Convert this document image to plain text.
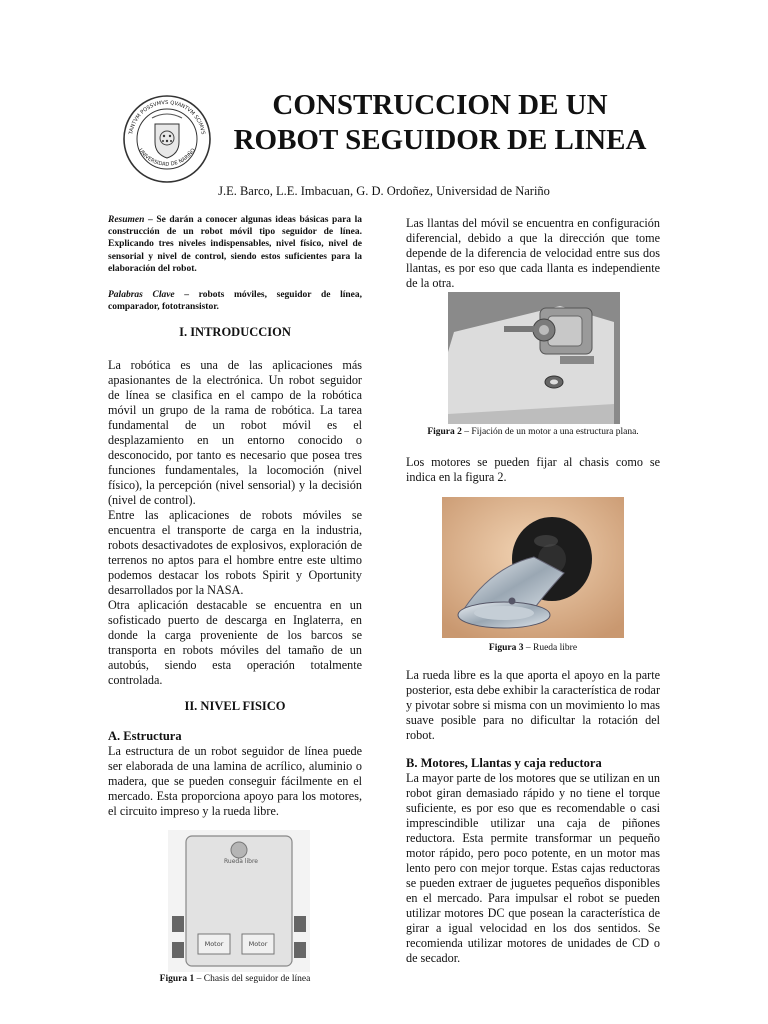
TANTVM POSSVMVS QVANTVM SCIMVS
UNIVERSIDAD DE NARIÑO
CONSTRUCCION DE UN
ROBOT SEGUIDOR DE LINEA
J.E. Barco, L.E. Imbacuan, G. D. Ordoñez, Universidad de Nariño
Resumen – Se darán a conocer algunas ideas básicas para la construcción de un robot móvil tipo seguidor de línea. Explicando tres niveles indispensables, nivel físico, nivel de sensorial y nivel de control, siendo estos suficientes para la elaboración del robot.
Palabras Clave – robots móviles, seguidor de línea, comparador, fototransistor.
I. INTRODUCCION

La robótica es una de las aplicaciones más apasionantes de la electrónica. Un robot seguidor de línea se clasifica en el campo de la robótica móvil un grupo de la rama de robótica. La tarea fundamental de un robot móvil es el desplazamiento en un entorno conocido o desconocido, por tanto es necesario que posea tres funciones fundamentales, la locomoción (nivel físico), la percepción (nivel sensorial) y la decisión (nivel de control).

Entre las aplicaciones de robots móviles se encuentra el transporte de carga en la industria, robots desactivadotes de explosivos, exploración de terrenos no aptos para el hombre entre este ultimo podemos destacar los robots Spirit y Oportunity desarrollados por la NASA.

Otra aplicación destacable se encuentra en un sofisticado puerto de descarga en Inglaterra, en donde la carga proveniente de los barcos se transporta en robots móviles del tamaño de un autobús, siendo esta operación totalmente controlada.

II. NIVEL FISICO
A. Estructura
La estructura de un robot seguidor de línea puede ser elaborada de una lamina de acrílico, aluminio o madera, que se pueden conseguir fácilmente en el mercado. Esta proporciona apoyo para los motores, el circuito impreso y la rueda libre.
Rueda libre
Motor	Motor
Figura 1 – Chasis del seguidor de línea
Las llantas del móvil se encuentra en configuración diferencial, debido a que la dirección que tome depende de la diferencia de velocidad entre sus dos llantas, es por eso que cada llanta es independiente de la otra.
Figura 2 – Fijación de un motor a una estructura plana.
Los motores se pueden fijar al chasis como se indica en la figura 2.
Figura 3 – Rueda libre
La rueda libre es la que aporta el apoyo en la parte posterior, esta debe exhibir la característica de rodar y pivotar sobre si misma con un movimiento lo mas suave posible para no dificultar la rotación del robot.
B. Motores, Llantas y caja reductora
La mayor parte de los motores que se utilizan en un robot giran demasiado rápido y no tiene el torque suficiente, es por eso que es recomendable o casi imprescindible utilizar una caja de piñones reductora. Esta permite transformar un pequeño motor rápido, pero poco potente, en un motor mas lento pero con mejor torque. Estas cajas reductoras se pueden extraer de juguetes pequeños disponibles en el mercado. Para impulsar el robot se pueden utilizar motores DC que posean la característica de girar a igual velocidad en los dos sentidos. Se recomienda utilizar motores de unidades de CD o de secador.
